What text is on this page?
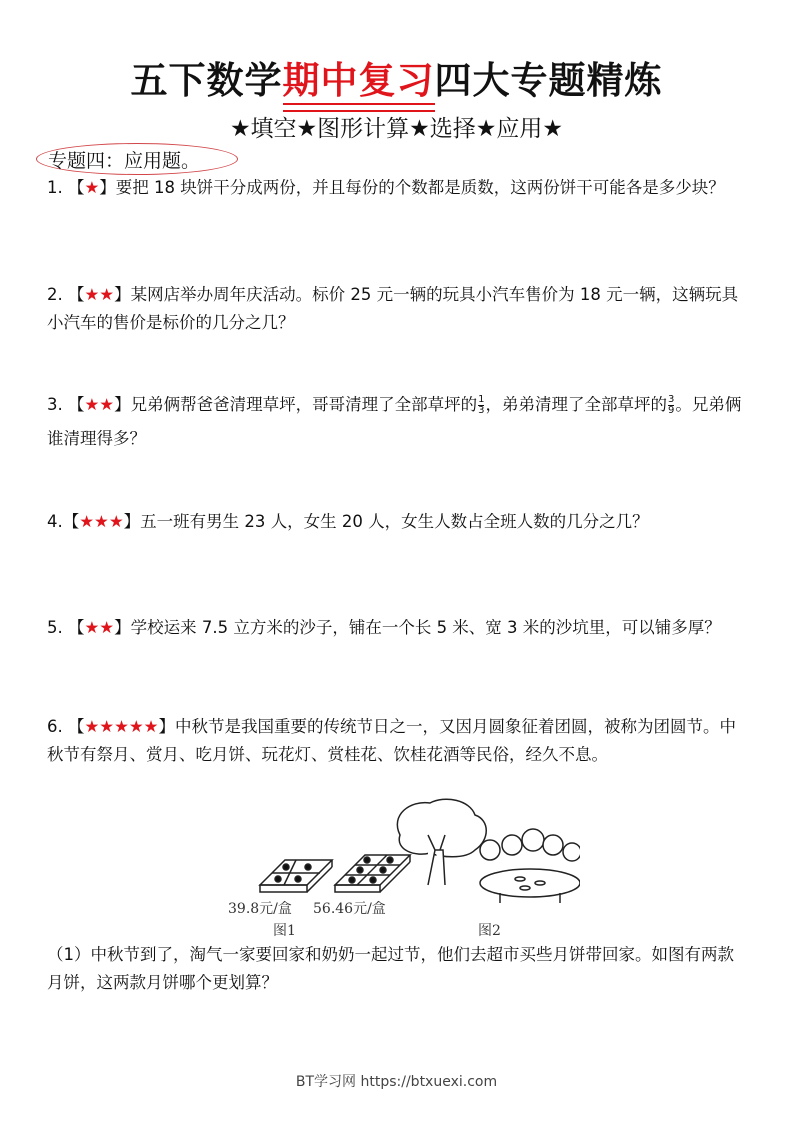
五下数学期中复习四大专题精炼
★填空★图形计算★选择★应用★
专题四：应用题。
1. 【★】要把 18 块饼干分成两份，并且每份的个数都是质数，这两份饼干可能各是多少块？
2. 【★★】某网店举办周年庆活动。标价 25 元一辆的玩具小汽车售价为 18 元一辆，这辆玩具小汽车的售价是标价的几分之几？
3. 【★★】兄弟俩帮爸爸清理草坪，哥哥清理了全部草坪的 $\frac{1}{3}$ ，弟弟清理了全部草坪的 $\frac{3}{9}$ 。兄弟俩谁清理得多？
4.【★★★】五一班有男生 23 人，女生 20 人，女生人数占全班人数的几分之几？
5. 【★★】学校运来 7.5 立方米的沙子，铺在一个长 5 米、宽 3 米的沙坑里，可以铺多厚？
6. 【★★★★★】中秋节是我国重要的传统节日之一，又因月圆象征着团圆，被称为团圆节。中秋节有祭月、赏月、吃月饼、玩花灯、赏桂花、饮桂花酒等民俗，经久不息。
39.8元/盒 56.46元/盒
图1	图2
（1）中秋节到了，淘气一家要回家和奶奶一起过节，他们去超市买些月饼带回家。如图有两款月饼，这两款月饼哪个更划算？
BT学习网 https://btxuexi.com
